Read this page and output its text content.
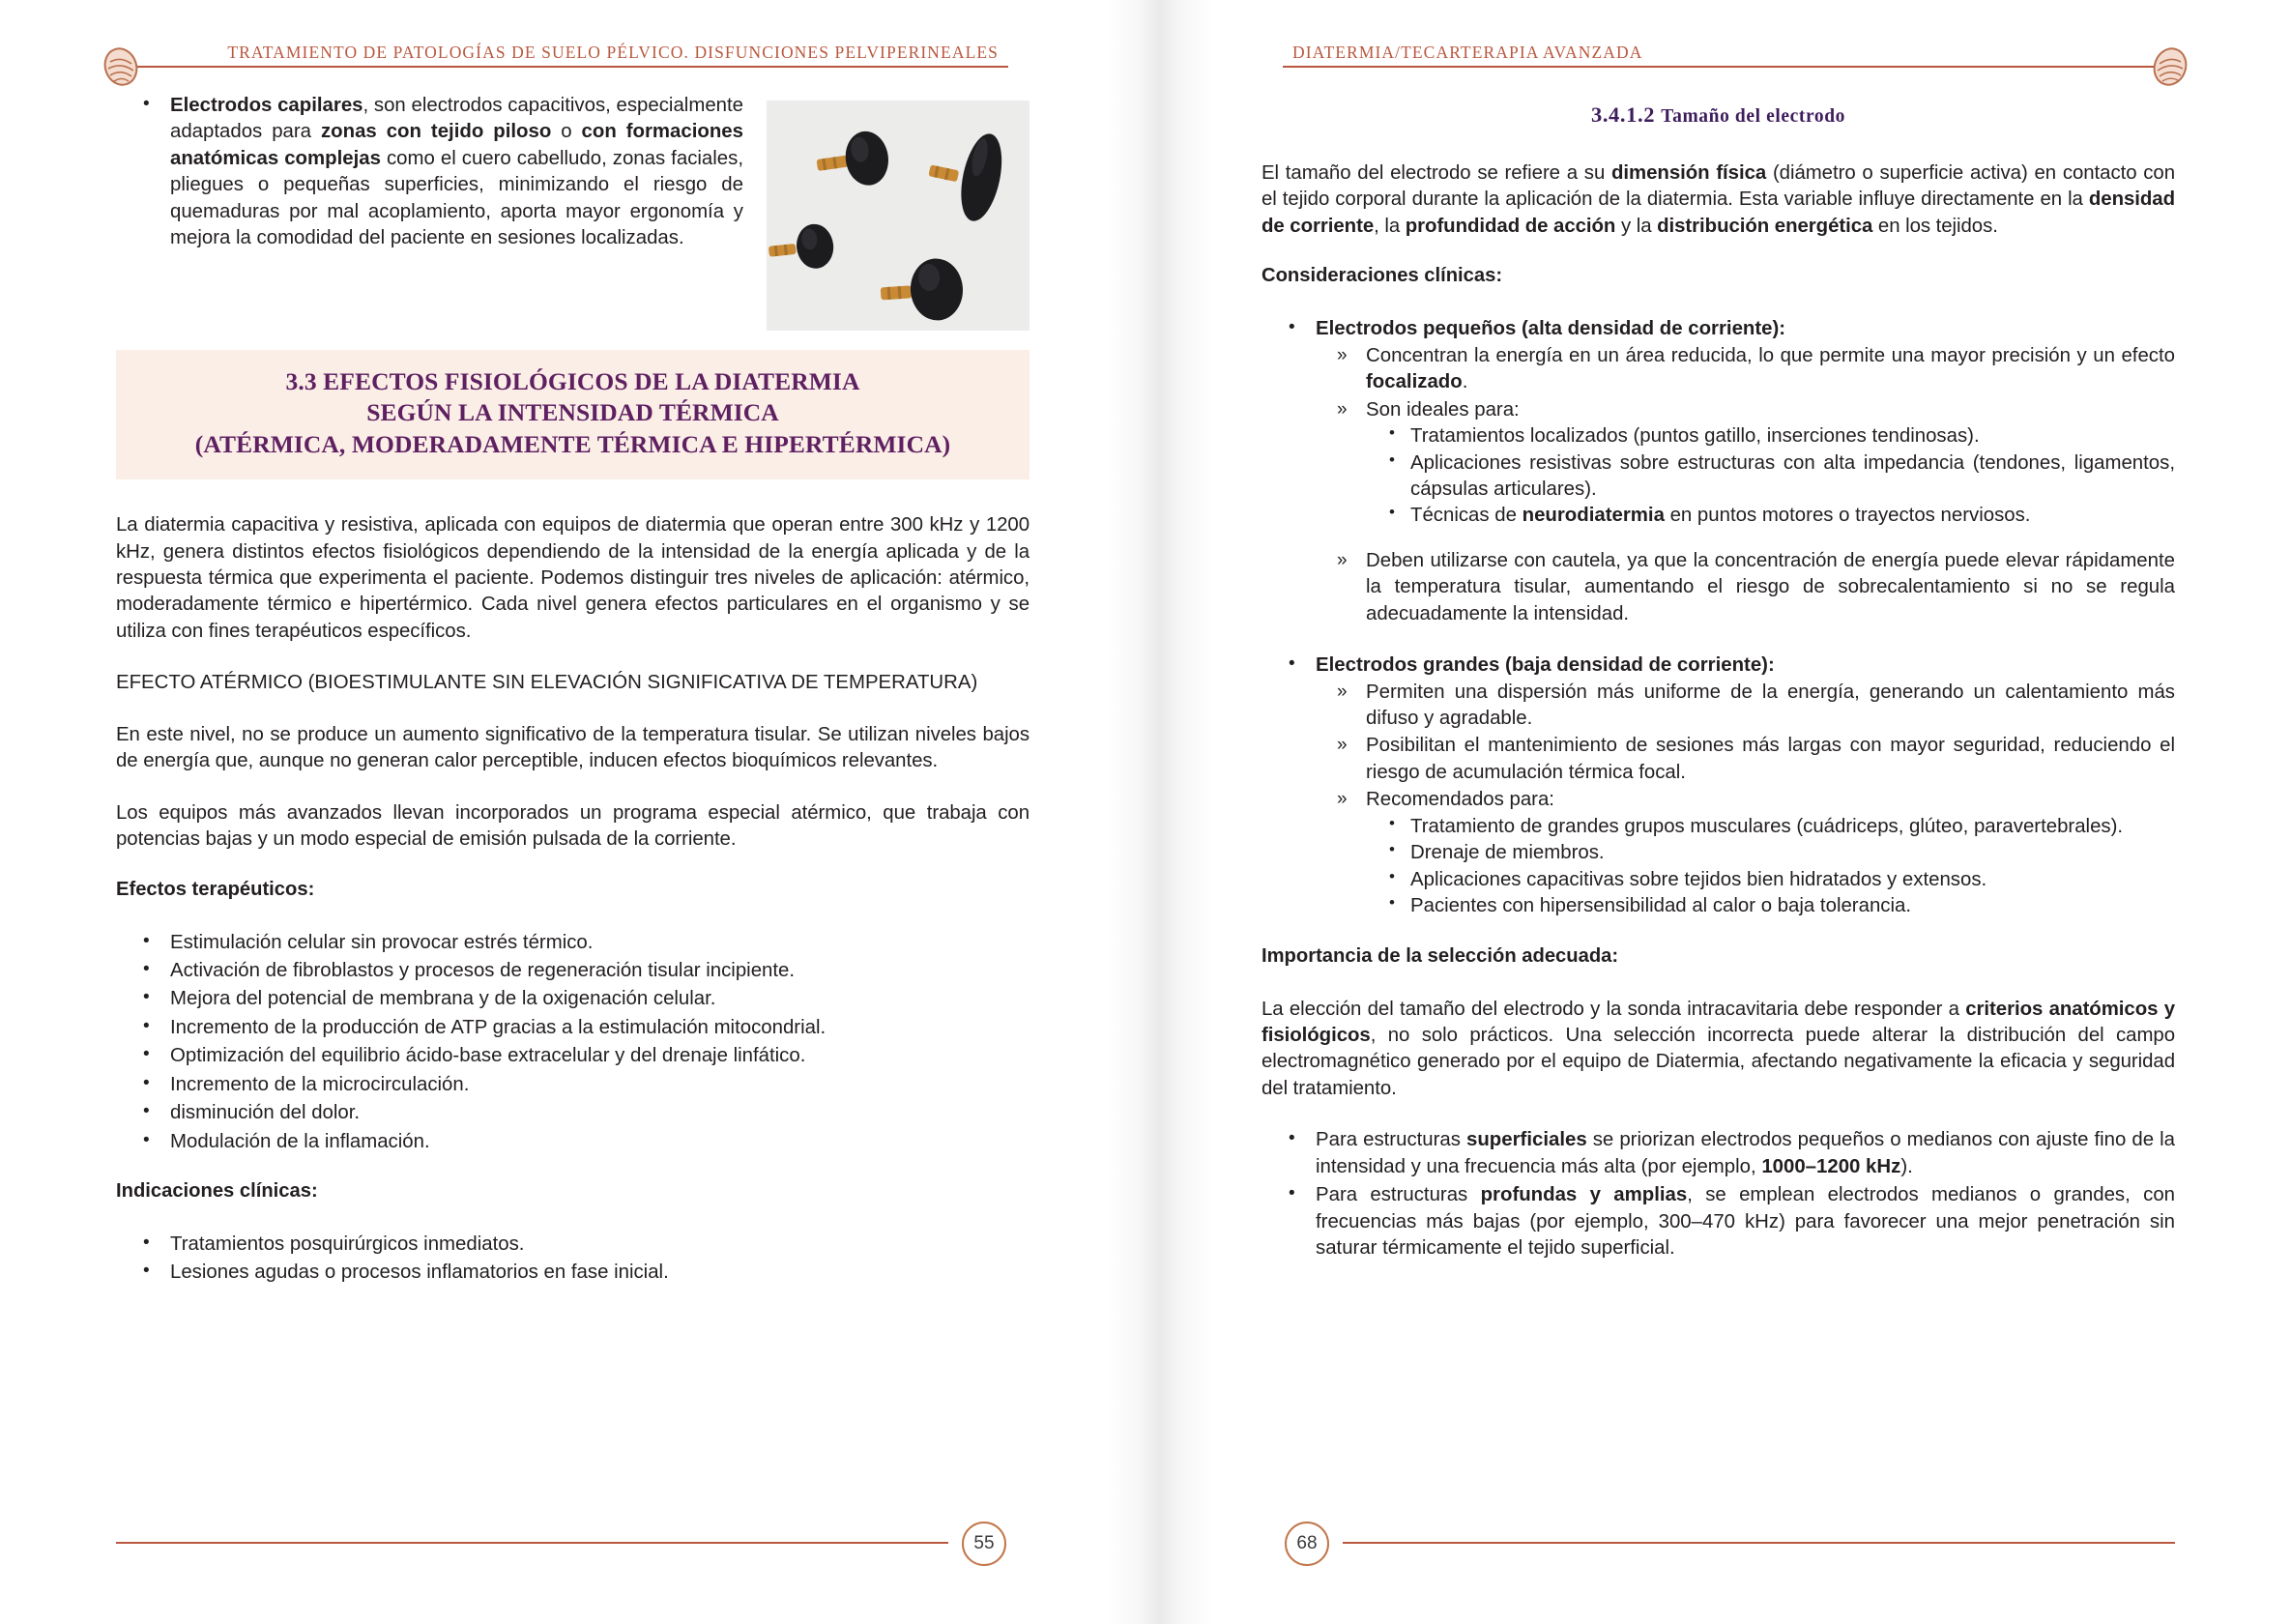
TRATAMIENTO DE PATOLOGÍAS DE SUELO PÉLVICO. DISFUNCIONES PELVIPERINEALES
• Electrodos capilares, son electrodos capacitivos, especialmente adaptados para zonas con tejido piloso o con formaciones anatómicas complejas como el cuero cabelludo, zonas faciales, pliegues o pequeñas superficies, minimizando el riesgo de quemaduras por mal acoplamiento, aporta mayor ergonomía y mejora la comodidad del paciente en sesiones localizadas.
3.3 EFECTOS FISIOLÓGICOS DE LA DIATERMIA
SEGÚN LA INTENSIDAD TÉRMICA
(ATÉRMICA, MODERADAMENTE TÉRMICA E HIPERTÉRMICA)

La diatermia capacitiva y resistiva, aplicada con equipos de diatermia que operan entre 300 kHz y 1200 kHz, genera distintos efectos fisiológicos dependiendo de la intensidad de la energía aplicada y de la respuesta térmica que experimenta el paciente. Podemos distinguir tres niveles de aplicación: atérmico, moderadamente térmico e hipertérmico. Cada nivel genera efectos particulares en el organismo y se utiliza con fines terapéuticos específicos.

EFECTO ATÉRMICO (BIOESTIMULANTE SIN ELEVACIÓN SIGNIFICATIVA DE TEMPERATURA)

En este nivel, no se produce un aumento significativo de la temperatura tisular. Se utilizan niveles bajos de energía que, aunque no generan calor perceptible, inducen efectos bioquímicos relevantes.

Los equipos más avanzados llevan incorporados un programa especial atérmico, que trabaja con potencias bajas y un modo especial de emisión pulsada de la corriente.

Efectos terapéuticos:

• Estimulación celular sin provocar estrés térmico.
• Activación de fibroblastos y procesos de regeneración tisular incipiente.
• Mejora del potencial de membrana y de la oxigenación celular.
• Incremento de la producción de ATP gracias a la estimulación mitocondrial.
• Optimización del equilibrio ácido-base extracelular y del drenaje linfático.
• Incremento de la microcirculación.
• disminución del dolor.
• Modulación de la inflamación.

Indicaciones clínicas:

• Tratamientos posquirúrgicos inmediatos.
• Lesiones agudas o procesos inflamatorios en fase inicial.
55
DIATERMIA/TECARTERAPIA AVANZADA
3.4.1.2 Tamaño del electrodo

El tamaño del electrodo se refiere a su dimensión física (diámetro o superficie activa) en contacto con el tejido corporal durante la aplicación de la diatermia. Esta variable influye directamente en la densidad de corriente, la profundidad de acción y la distribución energética en los tejidos.

Consideraciones clínicas:

• Electrodos pequeños (alta densidad de corriente):
» Concentran la energía en un área reducida, lo que permite una mayor precisión y un efecto focalizado.
» Son ideales para:
• Tratamientos localizados (puntos gatillo, inserciones tendinosas).
• Aplicaciones resistivas sobre estructuras con alta impedancia (tendones, ligamentos, cápsulas articulares).
• Técnicas de neurodiatermia en puntos motores o trayectos nerviosos.
» Deben utilizarse con cautela, ya que la concentración de energía puede elevar rápidamente la temperatura tisular, aumentando el riesgo de sobrecalentamiento si no se regula adecuadamente la intensidad.
• Electrodos grandes (baja densidad de corriente):
» Permiten una dispersión más uniforme de la energía, generando un calentamiento más difuso y agradable.
» Posibilitan el mantenimiento de sesiones más largas con mayor seguridad, reduciendo el riesgo de acumulación térmica focal.
» Recomendados para:
• Tratamiento de grandes grupos musculares (cuádriceps, glúteo, paravertebrales).
• Drenaje de miembros.
• Aplicaciones capacitivas sobre tejidos bien hidratados y extensos.
• Pacientes con hipersensibilidad al calor o baja tolerancia.

Importancia de la selección adecuada:

La elección del tamaño del electrodo y la sonda intracavitaria debe responder a criterios anatómicos y fisiológicos, no solo prácticos. Una selección incorrecta puede alterar la distribución del campo electromagnético generado por el equipo de Diatermia, afectando negativamente la eficacia y seguridad del tratamiento.

• Para estructuras superficiales se priorizan electrodos pequeños o medianos con ajuste fino de la intensidad y una frecuencia más alta (por ejemplo, 1000–1200 kHz).
• Para estructuras profundas y amplias, se emplean electrodos medianos o grandes, con frecuencias más bajas (por ejemplo, 300–470 kHz) para favorecer una mejor penetración sin saturar térmicamente el tejido superficial.
68
